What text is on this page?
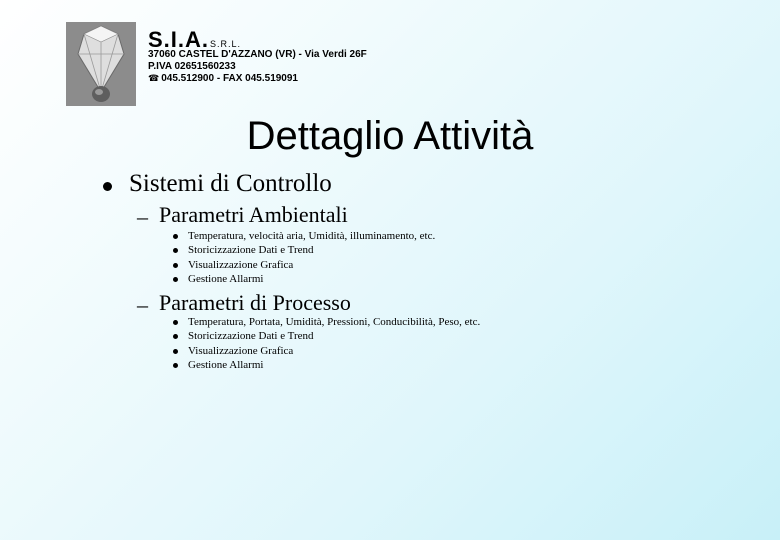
S.I.A.S.R.L.
37060 CASTEL D'AZZANO (VR) - Via Verdi 26F
P.IVA 02651560233
☎ 045.512900 - FAX 045.519091
Dettaglio Attività
Sistemi di Controllo
– Parametri Ambientali
Temperatura, velocità aria, Umidità, illuminamento, etc.
Storicizzazione Dati e Trend
Visualizzazione Grafica
Gestione Allarmi
– Parametri di Processo
Temperatura, Portata, Umidità, Pressioni, Conducibilità, Peso, etc.
Storicizzazione Dati e Trend
Visualizzazione Grafica
Gestione Allarmi
